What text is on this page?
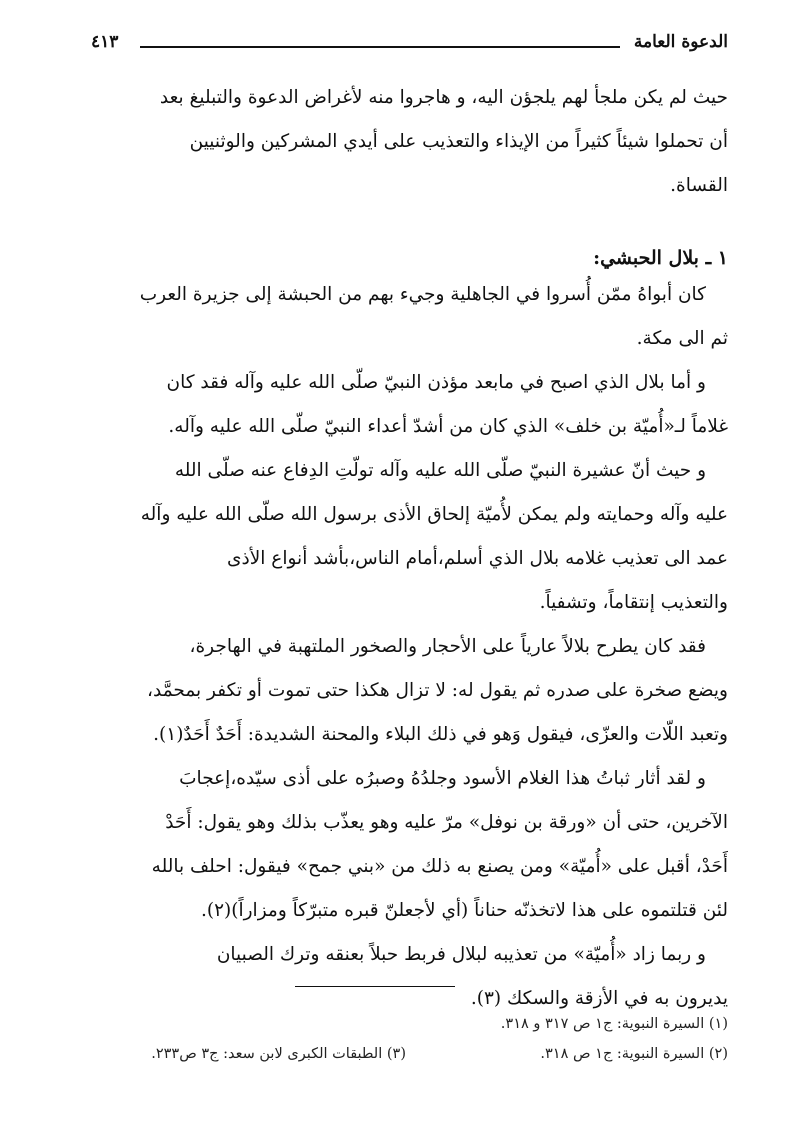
الدعوة العامة
٤١٣
حيث لم يكن ملجأ لهم يلجؤن اليه، و هاجروا منه لأغراض الدعوة والتبليغ بعد
أن تحملوا شيئاً كثيراً من الإيذاء والتعذيب على أيدي المشركين والوثنيين
القساة.
١ ـ بلال الحبشي:
كان أبواهُ ممّن أُسروا في الجاهلية وجيء بهم من الحبشة إلى جزيرة العرب
ثم الى مكة.
و أما بلال الذي اصبح في مابعد مؤذن النبيّ صلّى الله عليه وآله فقد كان
غلاماً لـ«أُميّة بن خلف» الذي كان من أشدّ أعداء النبيّ صلّى الله عليه وآله.
و حيث أنّ عشيرة النبيّ صلّى الله عليه وآله تولّتِ الدِفاع عنه صلّى الله
عليه وآله وحمايته ولم يمكن لأُميّة إلحاق الأذى برسول الله صلّى الله عليه وآله
عمد الى تعذيب غلامه بلال الذي أسلم،أمام الناس،بأشد أنواع الأذى
والتعذيب إنتقاماً، وتشفياً.
فقد كان يطرح بلالاً عارياً على الأحجار والصخور الملتهبة في الهاجرة،
ويضع صخرة على صدره ثم يقول له: لا تزال هكذا حتى تموت أو تكفر بمحمَّد،
وتعبد اللّات والعزّى، فيقول وَهو في ذلك البلاء والمحنة الشديدة: أَحَدٌ أَحَدٌ(١).
و لقد أثار ثباتُ هذا الغلام الأسود وجلدُهُ وصبرُه على أذى سيّده،إعجابَ
الآخرين، حتى أن «ورقة بن نوفل» مرّ عليه وهو يعذّب بذلك وهو يقول: أَحَدْ
أَحَدْ، أقبل على «أُميّة» ومن يصنع به ذلك من «بني جمح» فيقول: احلف بالله
لئن قتلتموه على هذا لاتخذنّه حناناً (أي لأجعلنّ قبره متبرّكاً ومزاراً)(٢).
و ربما زاد «أُميّة» من تعذيبه لبلال فربط حبلاً بعنقه وترك الصبيان
يديرون به في الأزقة والسكك (٣).
(١) السيرة النبوية: ج١ ص ٣١٧ و ٣١٨.
(٢) السيرة النبوية: ج١ ص ٣١٨.
(٣) الطبقات الكبرى لابن سعد: ج٣ ص٢٣٣.
